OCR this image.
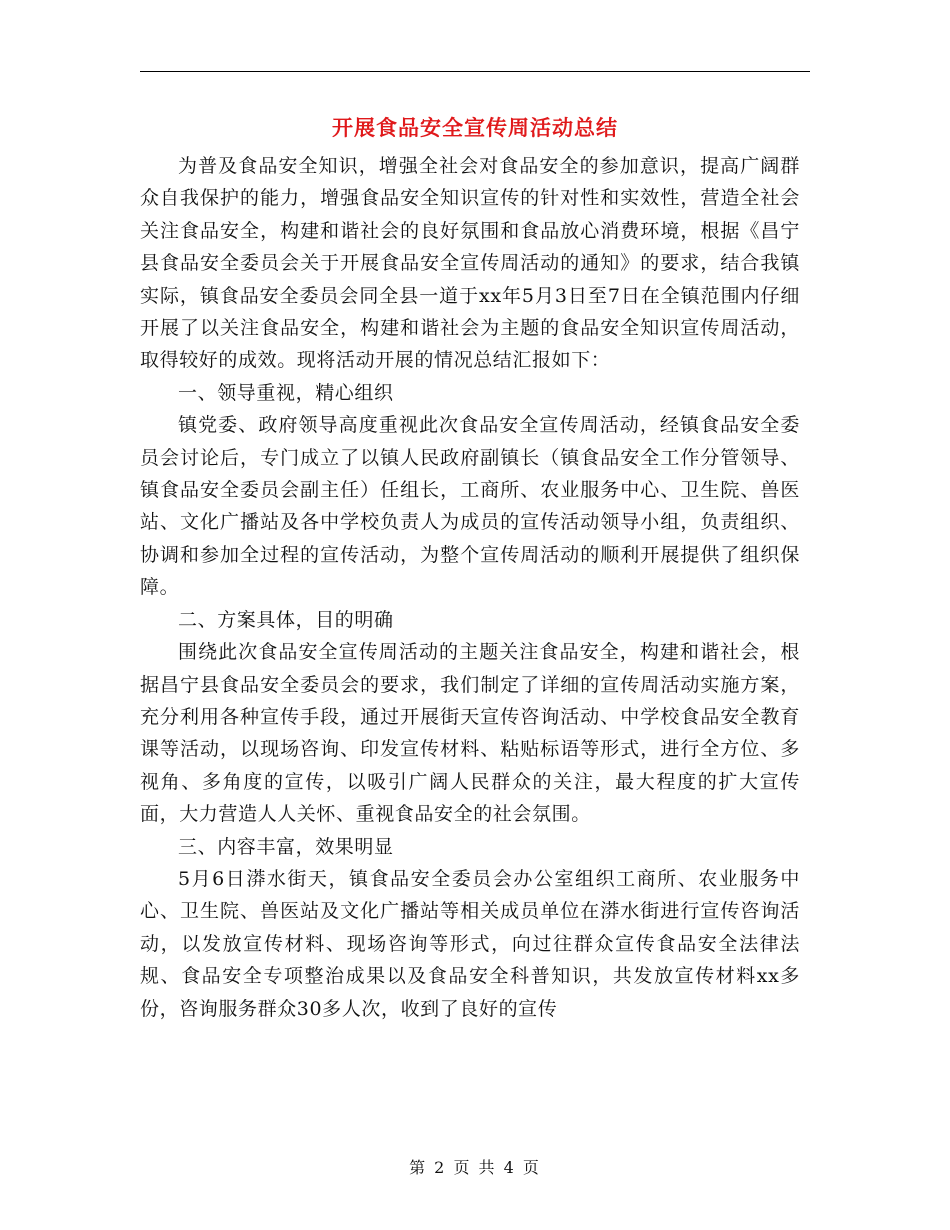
开展食品安全宣传周活动总结

为普及食品安全知识，增强全社会对食品安全的参加意识，提高广阔群众自我保护的能力，增强食品安全知识宣传的针对性和实效性，营造全社会关注食品安全，构建和谐社会的良好氛围和食品放心消费环境，根据《昌宁县食品安全委员会关于开展食品安全宣传周活动的通知》的要求，结合我镇实际，镇食品安全委员会同全县一道于xx年5月3日至7日在全镇范围内仔细开展了以关注食品安全，构建和谐社会为主题的食品安全知识宣传周活动，取得较好的成效。现将活动开展的情况总结汇报如下：

一、领导重视，精心组织

镇党委、政府领导高度重视此次食品安全宣传周活动，经镇食品安全委员会讨论后，专门成立了以镇人民政府副镇长（镇食品安全工作分管领导、镇食品安全委员会副主任）任组长，工商所、农业服务中心、卫生院、兽医站、文化广播站及各中学校负责人为成员的宣传活动领导小组，负责组织、协调和参加全过程的宣传活动，为整个宣传周活动的顺利开展提供了组织保障。

二、方案具体，目的明确

围绕此次食品安全宣传周活动的主题关注食品安全，构建和谐社会，根据昌宁县食品安全委员会的要求，我们制定了详细的宣传周活动实施方案，充分利用各种宣传手段，通过开展街天宣传咨询活动、中学校食品安全教育课等活动，以现场咨询、印发宣传材料、粘贴标语等形式，进行全方位、多视角、多角度的宣传，以吸引广阔人民群众的关注，最大程度的扩大宣传面，大力营造人人关怀、重视食品安全的社会氛围。

三、内容丰富，效果明显

5月6日漭水街天，镇食品安全委员会办公室组织工商所、农业服务中心、卫生院、兽医站及文化广播站等相关成员单位在漭水街进行宣传咨询活动，以发放宣传材料、现场咨询等形式，向过往群众宣传食品安全法律法规、食品安全专项整治成果以及食品安全科普知识，共发放宣传材料xx多份，咨询服务群众30多人次，收到了良好的宣传

第 2 页 共 4 页
